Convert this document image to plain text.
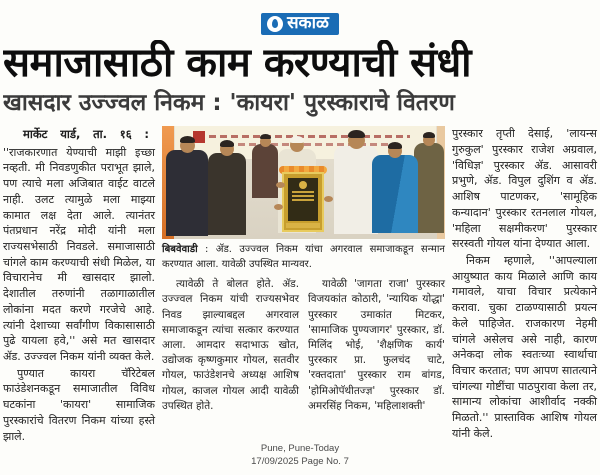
सकाळ
समाजासाठी काम करण्याची संधी
खासदार उज्ज्वल निकम : 'कायरा' पुरस्काराचे वितरण

मार्केट यार्ड, ता. १६ :

''राजकारणात येण्याची माझी इच्छा नव्हती. मी निवडणुकीत पराभूत झाले, पण त्याचे मला अजिबात वाईट वाटले नाही. उलट त्यामुळे मला माझ्या कामात लक्ष देता आले. त्यानंतर पंतप्रधान नरेंद्र मोदी यांनी मला राज्यसभेसाठी निवडले. समाजासाठी चांगले काम करण्याची संधी मिळेल, या विचारानेच मी खासदार झालो. देशातील तरुणांनी तळागाळातील लोकांना मदत करणे गरजेचे आहे. त्यांनी देशाच्या सर्वांगीण विकासासाठी पुढे यायला हवे,'' असे मत खासदार ॲड. उज्ज्वल निकम यांनी व्यक्त केले.

पुण्यात कायरा चॅरिटेबल फाउंडेशनकडून समाजातील विविध घटकांना 'कायरा' सामाजिक पुरस्कारांचे वितरण निकम यांच्या हस्ते झाले.

बिबवेवाडी : ॲड. उज्ज्वल निकम यांचा अगरवाल समाजाकडून सन्मान करण्यात आला. यावेळी उपस्थित मान्यवर.

त्यावेळी ते बोलत होते. ॲड. उज्ज्वल निकम यांची राज्यसभेवर निवड झाल्याबद्दल अगरवाल समाजाकडून त्यांचा सत्कार करण्यात आला. आमदार सदाभाऊ खोत, उद्योजक कृष्णकुमार गोयल, सतवीर गोयल, फाउंडेशनचे अध्यक्ष आशिष गोयल, काजल गोयल आदी यावेळी उपस्थित होते.

यावेळी 'जागता राजा' पुरस्कार विजयकांत कोठारी, 'न्यायिक योद्धा' पुरस्कार उमाकांत मिटकर, 'सामाजिक पुण्यजागर' पुरस्कार, डॉ. मिलिंद भोई, 'शैक्षणिक कार्य' पुरस्कार प्रा. फुलचंद चाटे, 'रक्तदाता' पुरस्कार राम बांगड, 'होमिओपॅथीतज्ज्ञ' पुरस्कार डॉ. अमरसिंह निकम, 'महिलाशक्ती'

पुरस्कार तृप्ती देसाई, 'लायन्स गुरुकुल' पुरस्कार राजेश अग्रवाल, 'विधिज्ञ' पुरस्कार ॲड. आसावरी प्रभुणे, ॲड. विपुल दुशिंग व ॲड. आशिष पाटणकर, 'सामूहिक कन्यादान' पुरस्कार रतनलाल गोयल, 'महिला सक्षमीकरण' पुरस्कार सरस्वती गोयल यांना देण्यात आला.

निकम म्हणाले, ''आपल्याला आयुष्यात काय मिळाले आणि काय गमावले, याचा विचार प्रत्येकाने करावा. चुका टाळण्यासाठी प्रयत्न केले पाहिजेत. राजकारण नेहमी चांगले असेलच असे नाही, कारण अनेकदा लोक स्वतःच्या स्वार्थाचा विचार करतात; पण आपण सातत्याने चांगल्या गोष्टींचा पाठपुरावा केला तर, सामान्य लोकांचा आशीर्वाद नक्की मिळतो.'' प्रास्ताविक आशिष गोयल यांनी केले.

Pune, Pune-Today
17/09/2025 Page No. 7
